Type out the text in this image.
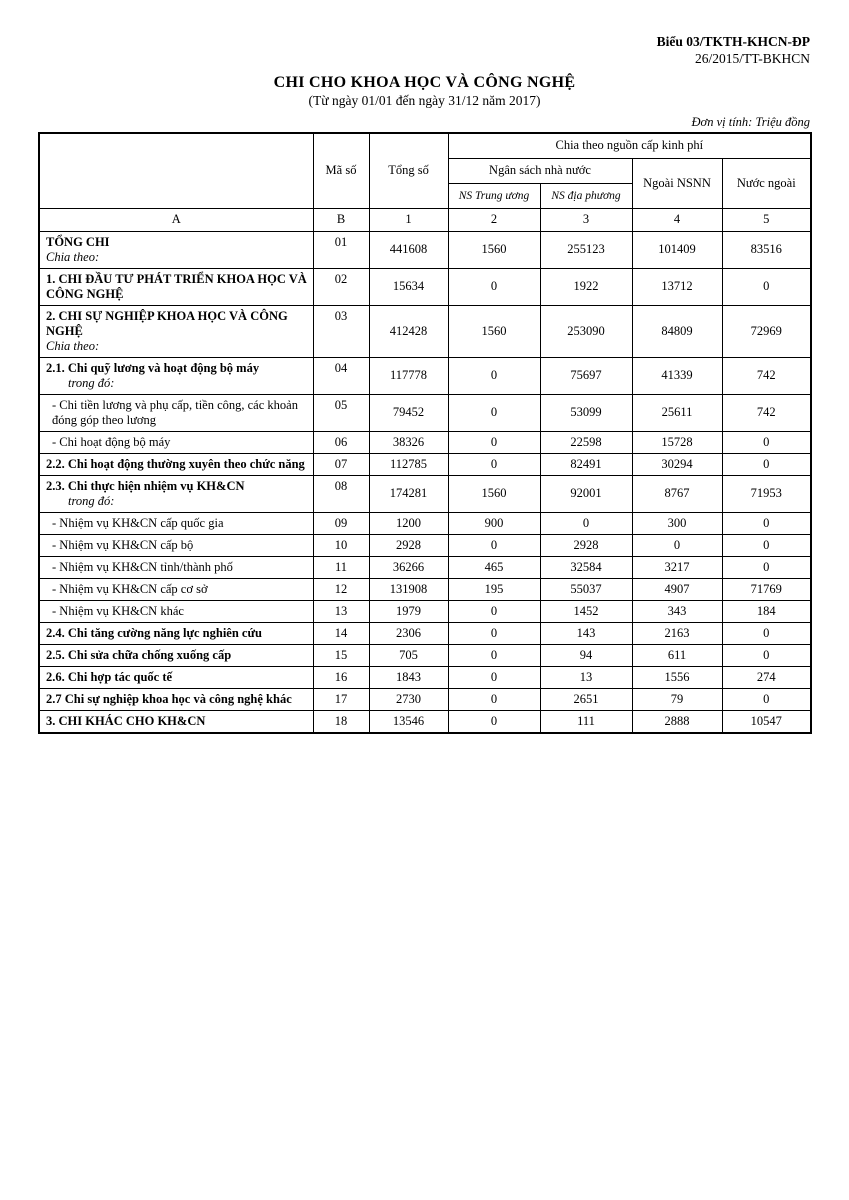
Biểu 03/TKTH-KHCN-ĐP
26/2015/TT-BKHCN
CHI CHO KHOA HỌC VÀ CÔNG NGHỆ
(Từ ngày 01/01 đến ngày 31/12 năm 2017)
Đơn vị tính: Triệu đồng
	Mã số	Tổng số	Chia theo nguồn cấp kinh phí			
			Ngân sách nhà nước		Ngoài NSNN	Nước ngoài
			NS Trung ương	NS địa phương		
A	B	1	2	3	4	5

TỔNG CHI
Chia theo:	01	441608	1560	255123	101409	83516

1. CHI ĐẦU TƯ PHÁT TRIỂN KHOA HỌC VÀ CÔNG NGHỆ	02	15634	0	1922	13712	0

2. CHI SỰ NGHIỆP KHOA HỌC VÀ CÔNG NGHỆ
Chia theo:	03	412428	1560	253090	84809	72969

2.1. Chi quỹ lương và hoạt động bộ máy
trong đó:	04	117778	0	75697	41339	742

- Chi tiền lương và phụ cấp, tiền công, các khoản đóng góp theo lương	05	79452	0	53099	25611	742

- Chi hoạt động bộ máy	06	38326	0	22598	15728	0

2.2. Chi hoạt động thường xuyên theo chức năng	07	112785	0	82491	30294	0

2.3. Chi thực hiện nhiệm vụ KH&CN
trong đó:	08	174281	1560	92001	8767	71953

- Nhiệm vụ KH&CN cấp quốc gia	09	1200	900	0	300	0

- Nhiệm vụ KH&CN cấp bộ	10	2928	0	2928	0	0

- Nhiệm vụ KH&CN tỉnh/thành phố	11	36266	465	32584	3217	0

- Nhiệm vụ KH&CN cấp cơ sở	12	131908	195	55037	4907	71769

- Nhiệm vụ KH&CN khác	13	1979	0	1452	343	184

2.4. Chi tăng cường năng lực nghiên cứu	14	2306	0	143	2163	0

2.5. Chi sửa chữa chống xuống cấp	15	705	0	94	611	0

2.6. Chi hợp tác quốc tế	16	1843	0	13	1556	274

2.7 Chi sự nghiệp khoa học và công nghệ khác	17	2730	0	2651	79	0

3. CHI KHÁC CHO KH&CN	18	13546	0	111	2888	10547
